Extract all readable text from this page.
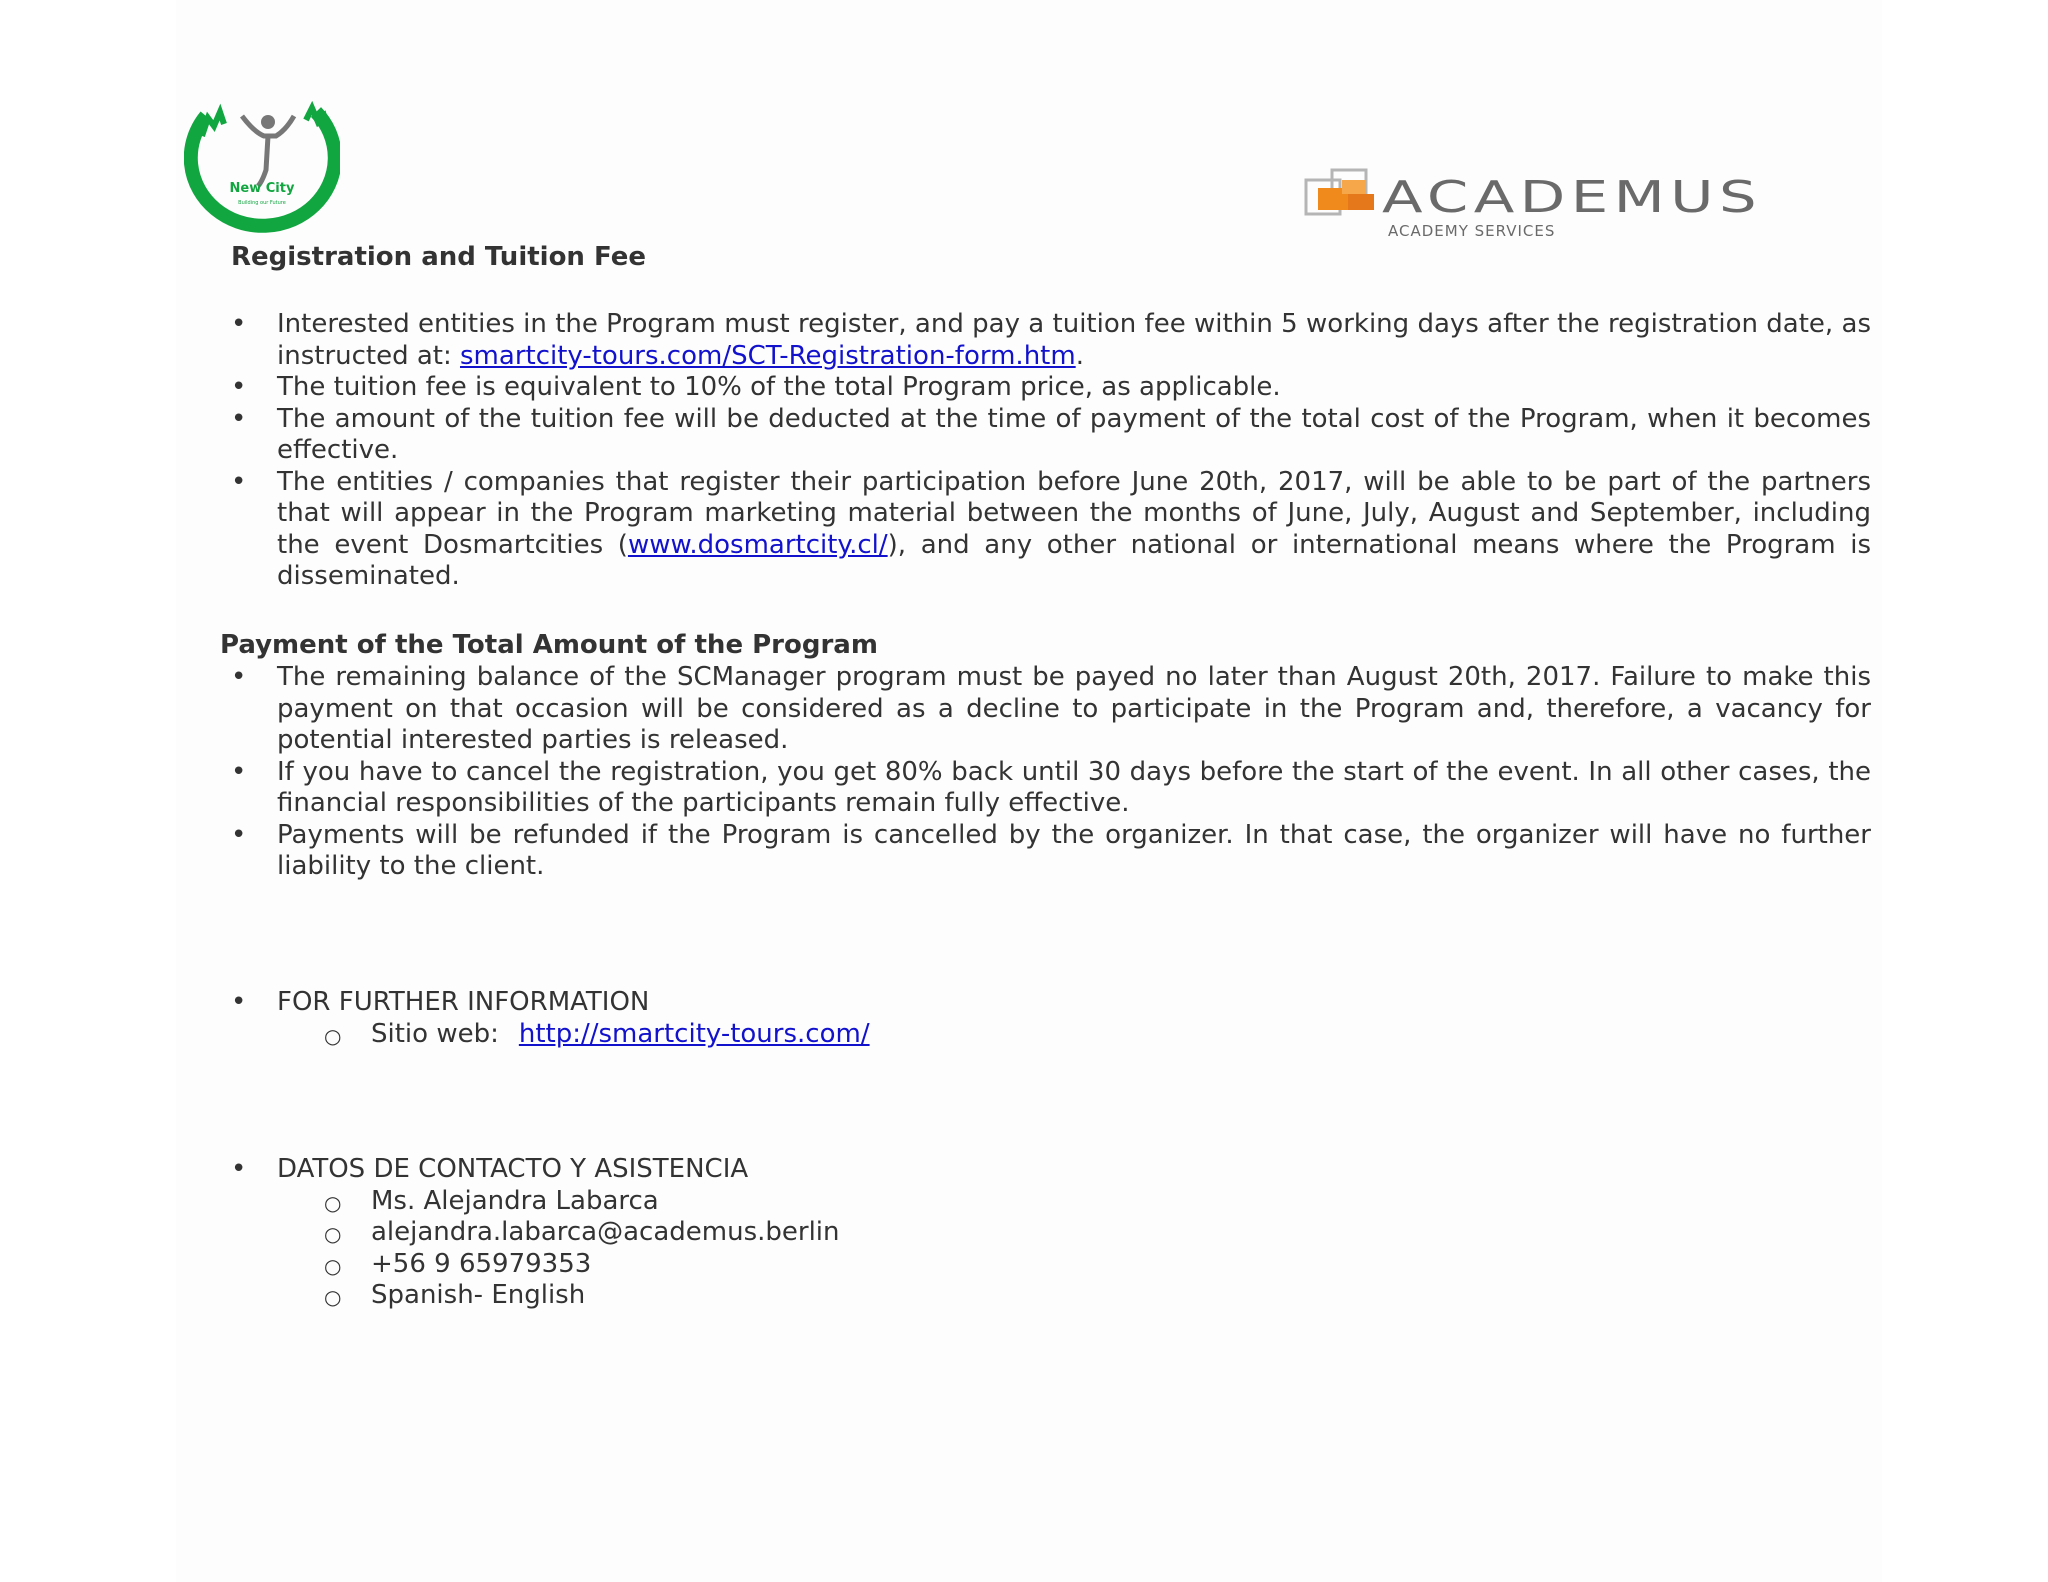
New City
Building our Future	ACADEMUS
ACADEMY SERVICES
Registration and Tuition Fee
• Interested entities in the Program must register, and pay a tuition fee within 5 working days after the registration date, as instructed at: smartcity-tours.com/SCT-Registration-form.htm.
• The tuition fee is equivalent to 10% of the total Program price, as applicable.
• The amount of the tuition fee will be deducted at the time of payment of the total cost of the Program, when it becomes effective.
• The entities / companies that register their participation before June 20th, 2017, will be able to be part of the partners that will appear in the Program marketing material between the months of June, July, August and September, including the event Dosmartcities (www.dosmartcity.cl/), and any other national or international means where the Program is disseminated.
Payment of the Total Amount of the Program
• The remaining balance of the SCManager program must be payed no later than August 20th, 2017. Failure to make this payment on that occasion will be considered as a decline to participate in the Program and, therefore, a vacancy for potential interested parties is released.
• If you have to cancel the registration, you get 80% back until 30 days before the start of the event. In all other cases, the financial responsibilities of the participants remain fully effective.
• Payments will be refunded if the Program is cancelled by the organizer. In that case, the organizer will have no further liability to the client.
• FOR FURTHER INFORMATION
○ Sitio web: http://smartcity-tours.com/
• DATOS DE CONTACTO Y ASISTENCIA
○ Ms. Alejandra Labarca
○ alejandra.labarca@academus.berlin
○ +56 9 65979353
○ Spanish- English
